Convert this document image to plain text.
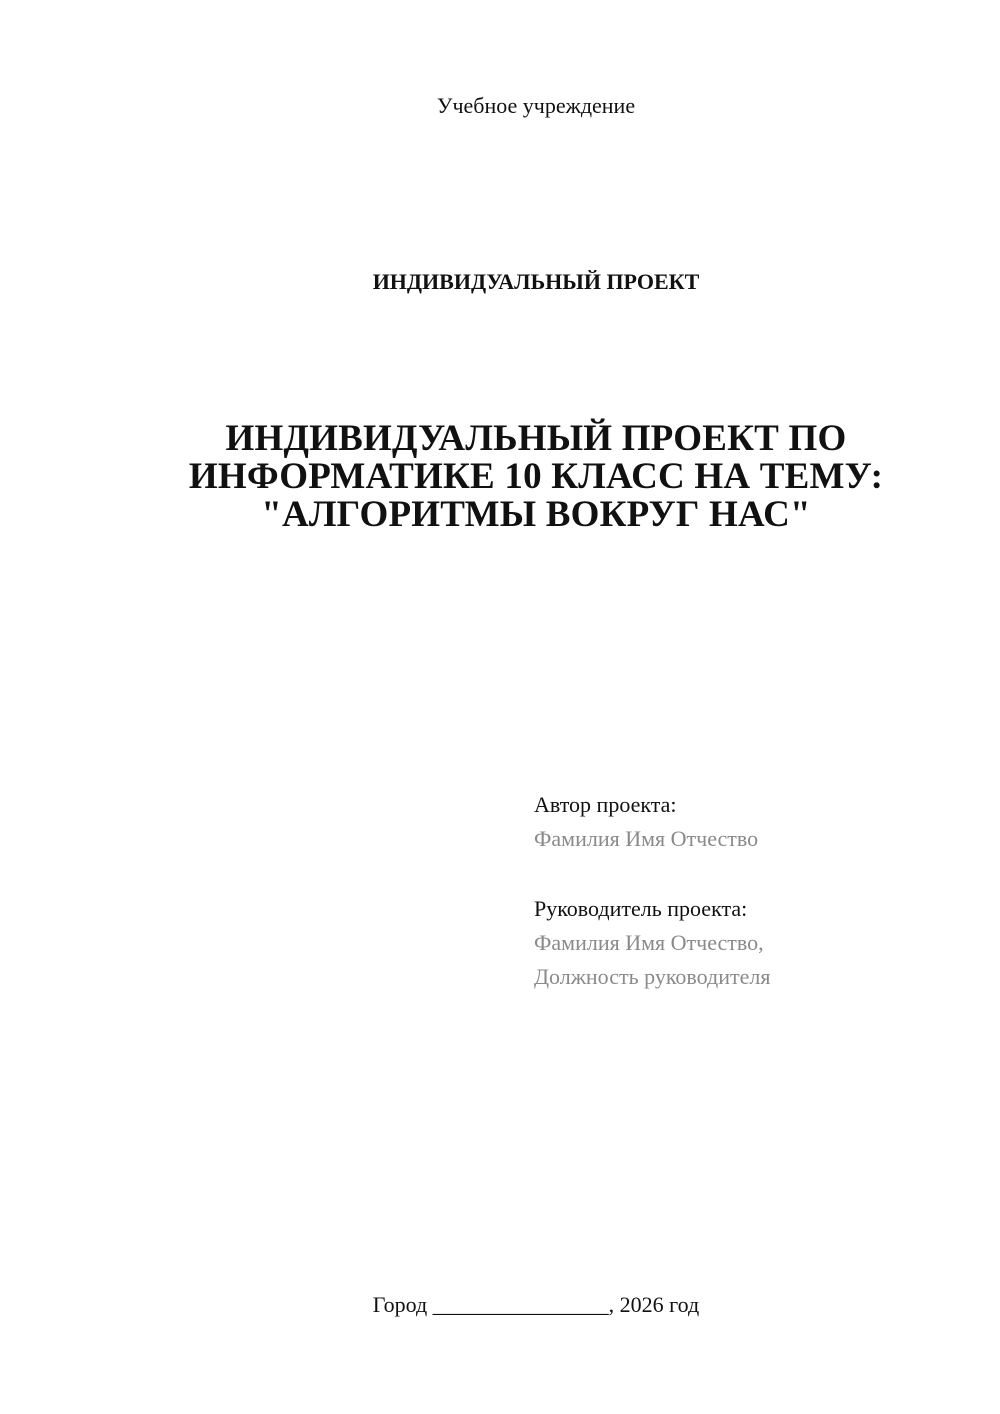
Учебное учреждение
ИНДИВИДУАЛЬНЫЙ ПРОЕКТ
ИНДИВИДУАЛЬНЫЙ ПРОЕКТ ПО
ИНФОРМАТИКЕ 10 КЛАСС НА ТЕМУ:
"АЛГОРИТМЫ ВОКРУГ НАС"
Автор проекта:
Фамилия Имя Отчество
Руководитель проекта:
Фамилия Имя Отчество,
Должность руководителя
Город ________________, 2026 год
